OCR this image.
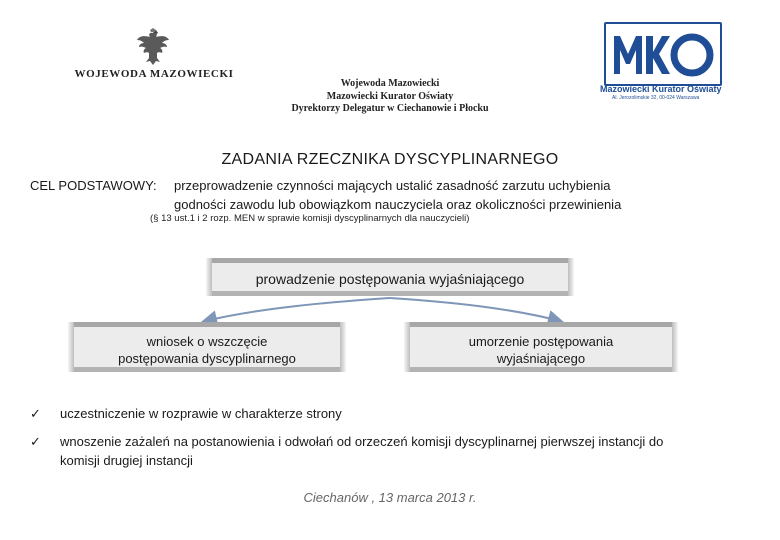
WOJEWODA MAZOWIECKI
Wojewoda Mazowiecki
Mazowiecki Kurator Oświaty
Dyrektorzy Delegatur w Ciechanowie i Płocku
Mazowiecki Kurator Oświaty
Al. Jerozolimskie 32, 00-024 Warszawa
ZADANIA RZECZNIKA DYSCYPLINARNEGO
CEL PODSTAWOWY: przeprowadzenie czynności mających ustalić zasadność zarzutu uchybienia
godności zawodu lub obowiązkom nauczyciela oraz okoliczności przewinienia
(§ 13 ust.1 i 2 rozp. MEN w sprawie komisji dyscyplinarnych dla nauczycieli)
prowadzenie postępowania wyjaśniającego
wniosek o wszczęcie
postępowania dyscyplinarnego
umorzenie postępowania
wyjaśniającego
✓ uczestniczenie w rozprawie w charakterze strony
✓ wnoszenie zażaleń na postanowienia i odwołań od orzeczeń komisji dyscyplinarnej pierwszej instancji do
komisji drugiej instancji
Ciechanów , 13 marca 2013 r.
